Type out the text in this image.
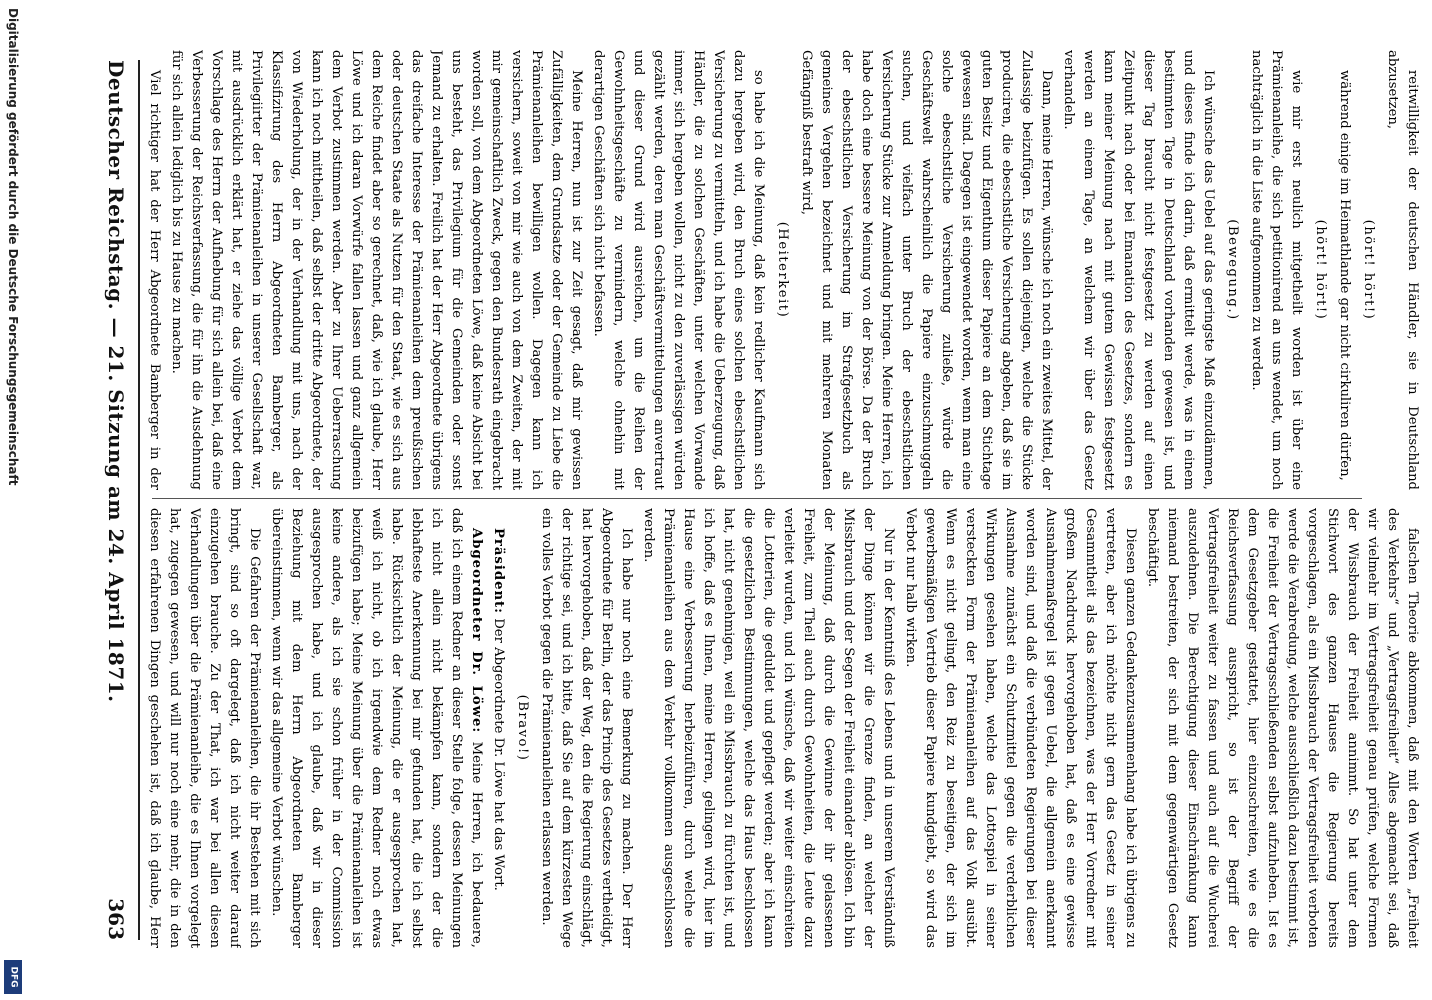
Deutscher Reichstag. — 21. Sitzung am 24. April 1871.
363

reitwilligkeit der deutschen Händler, sie in Deutschland abzusetzen,

(hört! hört!)

während einige im Heimathlande gar nicht cirkuliren dürfen,

(hört! hört!)

wie mir erst neulich mitgetheilt worden ist über eine Prämienanleihe, die sich petitionirend an uns wendet, um noch nachträglich in die Liste aufgenommen zu werden.

(Bewegung.)

Ich wünsche das Uebel auf das geringste Maß einzudämmen, und dieses finde ich darin, daß ermittelt werde, was in einem bestimmten Tage in Deutschland vorhanden gewesen ist, und dieser Tag braucht nicht festgesetzt zu werden auf einen Zeitpunkt nach oder bei Emanation des Gesetzes, sondern es kann meiner Meinung nach mit gutem Gewissen festgesetzt werden an einem Tage, an welchem wir über das Gesetz verhandeln.

Dann, meine Herren, wünsche ich noch ein zweites Mittel, der Zulassige beizufügen. Es sollen diejenigen, welche die Stücke produciren, die ebeschstliche Versicherung abgeben, daß sie im guten Besitz und Eigenthum dieser Papiere an dem Stichtage gewesen sind. Dagegen ist eingewendet worden, wenn man eine solche ebeschstliche Versicherung zuließe, würde die Geschäftswelt wahrscheinlich die Papiere einzuschmuggeln suchen, und vielfach unter Bruch der ebeschstlichen Versicherung Stücke zur Anmeldung bringen. Meine Herren, ich habe doch eine bessere Meinung von der Börse. Da der Bruch der ebeschstlichen Versicherung im Strafgesetzbuch als gemeines Vergehen bezeichnet und mit mehreren Monaten Gefängniß bestraft wird,

(Heiterkeit)

so habe ich die Meinung, daß kein redlicher Kaufmann sich dazu hergeben wird, den Bruch eines solchen ebeschstlichen Versicherung zu vermitteln, und ich habe die Ueberzeugung, daß Händler, die zu solchen Geschäften, unter welchen Vorwande immer, sich hergeben wollen, nicht zu den zuverlässigen würden gezählt werden, deren man Geschäftsvermittelungen anvertraut und dieser Grund wird ausreichen, um die Reihen der Gewohnheitsgeschäfte zu vermindern, welche ohnehin mit derartigen Geschäften sich nicht befassen.

Meine Herren, nun ist zur Zeit gesagt, daß mir gewissen Zufälligkeiten, dem Grundsatze oder der Gemeinde zu Liebe die Prämienanleihen bewilligen wollen. Dagegen kann ich versichern, soweit von mir wie auch von dem Zweiten, der mit mir gemeinschaftlich Zweck, gegen den Bundesrath eingebracht worden soll, von dem Abgeordneten Löwe, daß keine Absicht bei uns besteht, das Privilegium für die Gemeinden oder sonst Jemand zu erhalten. Freilich hat der Herr Abgeordnete übrigens das dreifache Interesse der Prämienanleihen dem preußischen oder deutschen Staate als Nutzen für den Staat, wie es sich aus dem Reiche findet aber so gerechnet, daß, wie ich glaube, Herr Löwe und ich daran Vorwürfe fallen lassen und ganz allgemein dem Verbot zustimmen werden. Aber zu Ihrer Ueberraschung kann ich noch mittheilen, daß selbst der dritte Abgeordnete, der von Wiederholung, der in der Verhandlung mit uns, nach der Klassifizirung des Herrn Abgeordneten Bamberger, als Privilegiirter der Prämienanleihen in unserer Gesellschaft war, mit ausdrücklich erklärt hat, er ziehe das völlige Verbot dem Vorschlage des Herrn der Aufhebung für sich allein bei, daß eine Verbesserung der Reichsverfassung, die für ihn die Ausdehnung für sich allein lediglich bis zu Hause zu machen.

Viel richtiger hat der Herr Abgeordnete Bamberger in der

falschen Theorie abkommen, daß mit den Worten „Freiheit des Verkehrs“ und „Vertragsfreiheit“ Alles abgemacht sei, daß wir vielmehr im Vertragsfreiheit genau prüfen, welche Formen der Wissbrauch der Freiheit annimmt. So hat unter dem Stichwort des ganzen Hauses die Regierung bereits vorgeschlagen, als ein Missbrauch der Vertragsfreiheit verboten werde die Verabredung, welche ausschließlich dazu bestimmt ist, die Freiheit der Vertragsschließenden selbst aufzuheben. Ist es dem Gesetzgeber gestattet, hier einzuschreiten, wie es die Reichsverfassung ausspricht, so ist der Begriff der Vertragsfreiheit weiter zu fassen und auch auf die Wucherei auszudehnen. Die Berechtigung dieser Einschränkung kann niemand bestreiten, der sich mit dem gegenwärtigen Gesetz beschäftigt.

Diesen ganzen Gedankenzusammenhang habe ich übrigens zu vertreten, aber ich möchte nicht gern das Gesetz in seiner Gesammtheit als das bezeichnen, was der Herr Vorredner mit großem Nachdruck hervorgehoben hat, daß es eine gewisse Ausnahmemaßregel ist gegen Uebel, die allgemein anerkannt worden sind, und daß die verbündeten Regierungen bei dieser Ausnahme zunächst ein Schutzmittel gegen die verderblichen Wirkungen gesehen haben, welche das Lottospiel in seiner versteckten Form der Prämienanleihen auf das Volk ausübt. Wenn es nicht gelingt, den Reiz zu beseitigen, der sich im gewerbsmäßigen Vertrieb dieser Papiere kundgiebt, so wird das Verbot nur halb wirken.

Nur in der Kenntniß des Lebens und in unserem Verständniß der Dinge können wir die Grenze finden, an welcher der Missbrauch und der Segen der Freiheit einander ablösen. Ich bin der Meinung, daß durch die Gewinne der ihr gelassenen Freiheit, zum Theil auch durch Gewohnheiten, die Leute dazu verleitet wurden, und ich wünsche, daß wir weiter einschreiten die Lotterien, die geduldet und gepflegt werden; aber ich kann die gesetzlichen Bestimmungen, welche das Haus beschlossen hat, nicht genehmigen, weil ein Missbrauch zu fürchten ist, und ich hoffe, daß es Ihnen, meine Herren, gelingen wird, hier im Hause eine Verbesserung herbeizuführen, durch welche die Prämienanleihen aus dem Verkehr vollkommen ausgeschlossen werden.

Ich habe nur noch eine Bemerkung zu machen. Der Herr Abgeordnete für Berlin, der das Princip des Gesetzes vertheidigt, hat hervorgehoben, daß der Weg, den die Regierung einschlägt, der richtige sei, und ich bitte, daß Sie auf dem kürzesten Wege ein volles Verbot gegen die Prämienanleihen erlassen werden.

(Bravo!)

Präsident: Der Abgeordnete Dr. Löwe hat das Wort.

Abgeordneter Dr. Löwe: Meine Herren, ich bedauere, daß ich einem Redner an dieser Stelle folge, dessen Meinungen ich nicht allein nicht bekämpfen kann, sondern der die lebhafteste Anerkennung bei mir gefunden hat, die ich selbst habe. Rücksichtlich der Meinung, die er ausgesprochen hat, weiß ich nicht, ob ich irgendwie dem Redner noch etwas beizufügen habe; Meine Meinung über die Prämienanleihen ist keine andere, als ich sie schon früher in der Commission ausgesprochen habe, und ich glaube, daß wir in dieser Beziehung mit dem Herrn Abgeordneten Bamberger übereinstimmen, wenn wir das allgemeine Verbot wünschen.

Die Gefahren der Prämienanleihen, die ihr Bestehen mit sich bringt, sind so oft dargelegt, daß ich nicht weiter darauf einzugehen brauche. Zu der That, ich war bei allen diesen Verhandlungen über die Prämienanleihe, die es Ihnen vorgelegt hat, zugegen gewesen, und will nur noch eine mehr, die in den diesen erfahrenen Dingen geschehen ist, daß ich glaube, Herr

Digitalisierung gefördert durch die Deutsche Forschungsgemeinschaft
DFG
